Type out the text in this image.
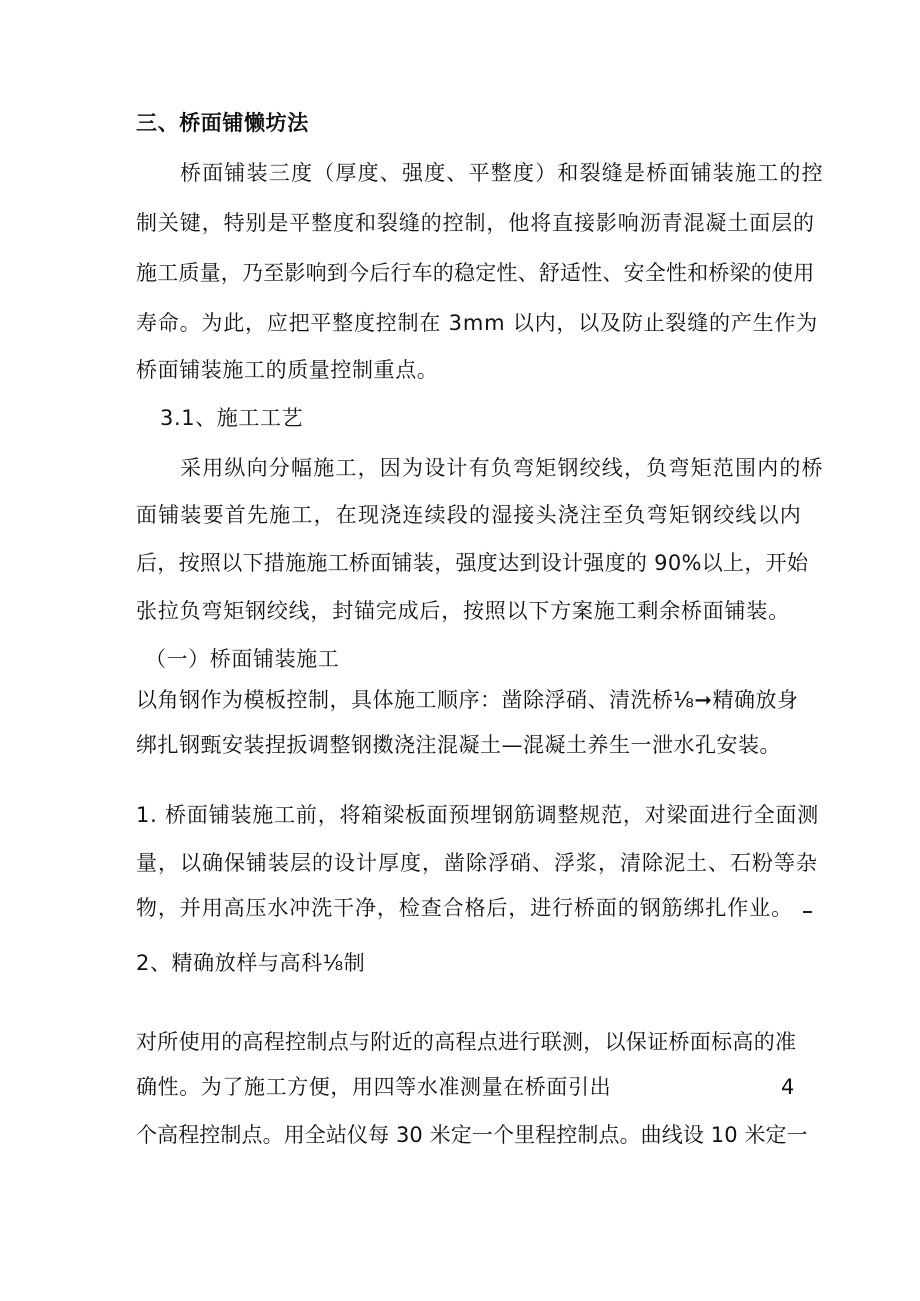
三、桥面铺懒坊法
桥面铺装三度（厚度、强度、平整度）和裂缝是桥面铺装施工的控
制关键，特别是平整度和裂缝的控制，他将直接影响沥青混凝土面层的
施工质量，乃至影响到今后行车的稳定性、舒适性、安全性和桥梁的使用
寿命。为此，应把平整度控制在 3mm 以内，以及防止裂缝的产生作为
桥面铺装施工的质量控制重点。
3.1、施工工艺
采用纵向分幅施工，因为设计有负弯矩钢绞线，负弯矩范围内的桥
面铺装要首先施工，在现浇连续段的湿接头浇注至负弯矩钢绞线以内
后，按照以下措施施工桥面铺装，强度达到设计强度的 90%以上，开始
张拉负弯矩钢绞线，封锚完成后，按照以下方案施工剩余桥面铺装。
（一）桥面铺装施工
以角钢作为模板控制，具体施工顺序：凿除浮硝、清洗桥⅛➞精确放身
绑扎钢甄安装捏扳调整钢擞浇注混凝土—混凝土养生一泄水孔安装。
1. 桥面铺装施工前，将箱梁板面预埋钢筋调整规范，对梁面进行全面测
量，以确保铺装层的设计厚度，凿除浮硝、浮浆，清除泥土、石粉等杂
物，并用高压水冲洗干净，检查合格后，进行桥面的钢筋绑扎作业。
2、精确放样与高科⅛制
对所使用的高程控制点与附近的高程点进行联测，以保证桥面标高的准
确性。为了施工方便，用四等水准测量在桥面引出	4
个高程控制点。用全站仪每 30 米定一个里程控制点。曲线设 10 米定一
